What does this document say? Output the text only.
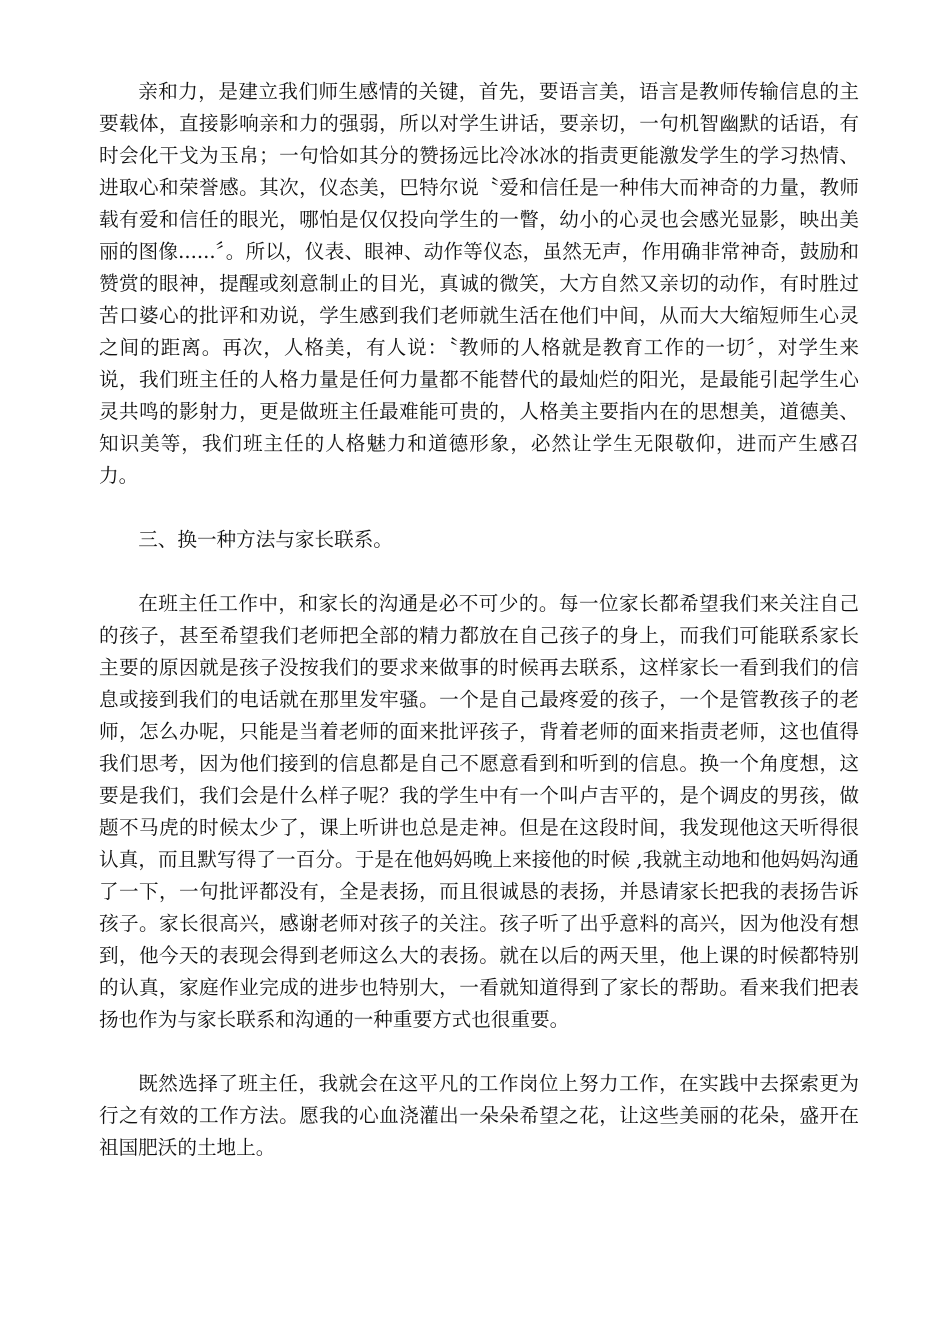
亲和力，是建立我们师生感情的关键，首先，要语言美，语言是教师传输信息的主要载体，直接影响亲和力的强弱，所以对学生讲话，要亲切，一句机智幽默的话语，有时会化干戈为玉帛；一句恰如其分的赞扬远比冷冰冰的指责更能激发学生的学习热情、进取心和荣誉感。其次，仪态美，巴特尔说〝爱和信任是一种伟大而神奇的力量，教师载有爱和信任的眼光，哪怕是仅仅投向学生的一瞥，幼小的心灵也会感光显影，映出美丽的图像......〞。所以，仪表、眼神、动作等仪态，虽然无声，作用确非常神奇，鼓励和赞赏的眼神，提醒或刻意制止的目光，真诚的微笑，大方自然又亲切的动作，有时胜过苦口婆心的批评和劝说，学生感到我们老师就生活在他们中间，从而大大缩短师生心灵之间的距离。再次，人格美，有人说：〝教师的人格就是教育工作的一切〞，对学生来说，我们班主任的人格力量是任何力量都不能替代的最灿烂的阳光，是最能引起学生心灵共鸣的影射力，更是做班主任最难能可贵的，人格美主要指内在的思想美，道德美、知识美等，我们班主任的人格魅力和道德形象，必然让学生无限敬仰，进而产生感召力。

三、换一种方法与家长联系。

在班主任工作中，和家长的沟通是必不可少的。每一位家长都希望我们来关注自己的孩子，甚至希望我们老师把全部的精力都放在自己孩子的身上，而我们可能联系家长主要的原因就是孩子没按我们的要求来做事的时候再去联系，这样家长一看到我们的信息或接到我们的电话就在那里发牢骚。一个是自己最疼爱的孩子，一个是管教孩子的老师，怎么办呢，只能是当着老师的面来批评孩子，背着老师的面来指责老师，这也值得我们思考，因为他们接到的信息都是自己不愿意看到和听到的信息。换一个角度想，这要是我们，我们会是什么样子呢？我的学生中有一个叫卢吉平的，是个调皮的男孩，做题不马虎的时候太少了，课上听讲也总是走神。但是在这段时间，我发现他这天听得很认真，而且默写得了一百分。于是在他妈妈晚上来接他的时候 ,我就主动地和他妈妈沟通了一下，一句批评都没有，全是表扬，而且很诚恳的表扬，并恳请家长把我的表扬告诉孩子。家长很高兴，感谢老师对孩子的关注。孩子听了出乎意料的高兴，因为他没有想到，他今天的表现会得到老师这么大的表扬。就在以后的两天里，他上课的时候都特别的认真，家庭作业完成的进步也特别大，一看就知道得到了家长的帮助。看来我们把表扬也作为与家长联系和沟通的一种重要方式也很重要。

既然选择了班主任，我就会在这平凡的工作岗位上努力工作，在实践中去探索更为行之有效的工作方法。愿我的心血浇灌出一朵朵希望之花，让这些美丽的花朵，盛开在祖国肥沃的土地上。
